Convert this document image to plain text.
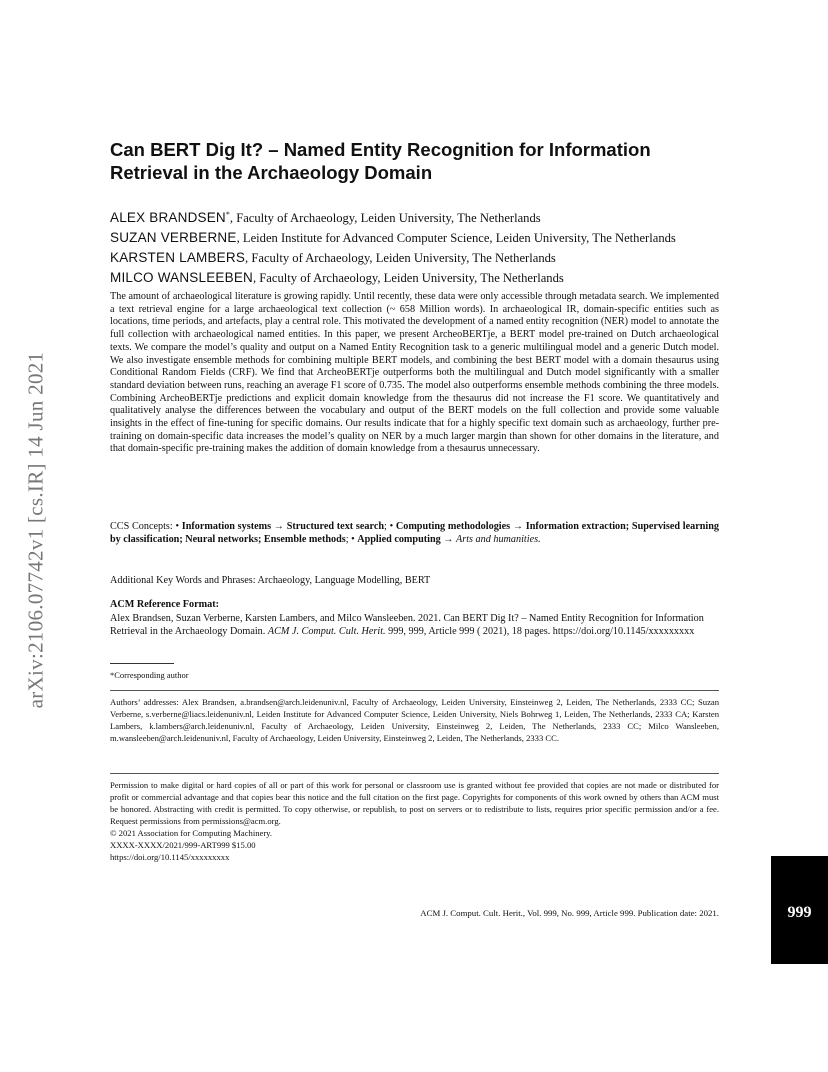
arXiv:2106.07742v1 [cs.IR] 14 Jun 2021
Can BERT Dig It? – Named Entity Recognition for Information Retrieval in the Archaeology Domain
ALEX BRANDSEN*, Faculty of Archaeology, Leiden University, The Netherlands
SUZAN VERBERNE, Leiden Institute for Advanced Computer Science, Leiden University, The Netherlands
KARSTEN LAMBERS, Faculty of Archaeology, Leiden University, The Netherlands
MILCO WANSLEEBEN, Faculty of Archaeology, Leiden University, The Netherlands
The amount of archaeological literature is growing rapidly. Until recently, these data were only accessible through metadata search. We implemented a text retrieval engine for a large archaeological text collection (~ 658 Million words). In archaeological IR, domain-specific entities such as locations, time periods, and artefacts, play a central role. This motivated the development of a named entity recognition (NER) model to annotate the full collection with archaeological named entities. In this paper, we present ArcheoBERTje, a BERT model pre-trained on Dutch archaeological texts. We compare the model’s quality and output on a Named Entity Recognition task to a generic multilingual model and a generic Dutch model. We also investigate ensemble methods for combining multiple BERT models, and combining the best BERT model with a domain thesaurus using Conditional Random Fields (CRF). We find that ArcheoBERTje outperforms both the multilingual and Dutch model significantly with a smaller standard deviation between runs, reaching an average F1 score of 0.735. The model also outperforms ensemble methods combining the three models. Combining ArcheoBERTje predictions and explicit domain knowledge from the thesaurus did not increase the F1 score. We quantitatively and qualitatively analyse the differences between the vocabulary and output of the BERT models on the full collection and provide some valuable insights in the effect of fine-tuning for specific domains. Our results indicate that for a highly specific text domain such as archaeology, further pre-training on domain-specific data increases the model’s quality on NER by a much larger margin than shown for other domains in the literature, and that domain-specific pre-training makes the addition of domain knowledge from a thesaurus unnecessary.
CCS Concepts: • Information systems → Structured text search; • Computing methodologies → Information extraction; Supervised learning by classification; Neural networks; Ensemble methods; • Applied computing → Arts and humanities.
Additional Key Words and Phrases: Archaeology, Language Modelling, BERT
ACM Reference Format:
Alex Brandsen, Suzan Verberne, Karsten Lambers, and Milco Wansleeben. 2021. Can BERT Dig It? – Named Entity Recognition for Information Retrieval in the Archaeology Domain. ACM J. Comput. Cult. Herit. 999, 999, Article 999 ( 2021), 18 pages. https://doi.org/10.1145/xxxxxxxxx
*Corresponding author
Authors’ addresses: Alex Brandsen, a.brandsen@arch.leidenuniv.nl, Faculty of Archaeology, Leiden University, Einsteinweg 2, Leiden, The Netherlands, 2333 CC; Suzan Verberne, s.verberne@liacs.leidenuniv.nl, Leiden Institute for Advanced Computer Science, Leiden University, Niels Bohrweg 1, Leiden, The Netherlands, 2333 CA; Karsten Lambers, k.lambers@arch.leidenuniv.nl, Faculty of Archaeology, Leiden University, Einsteinweg 2, Leiden, The Netherlands, 2333 CC; Milco Wansleeben, m.wansleeben@arch.leidenuniv.nl, Faculty of Archaeology, Leiden University, Einsteinweg 2, Leiden, The Netherlands, 2333 CC.
Permission to make digital or hard copies of all or part of this work for personal or classroom use is granted without fee provided that copies are not made or distributed for profit or commercial advantage and that copies bear this notice and the full citation on the first page. Copyrights for components of this work owned by others than ACM must be honored. Abstracting with credit is permitted. To copy otherwise, or republish, to post on servers or to redistribute to lists, requires prior specific permission and/or a fee. Request permissions from permissions@acm.org.
© 2021 Association for Computing Machinery.
XXXX-XXXX/2021/999-ART999 $15.00
https://doi.org/10.1145/xxxxxxxxx
ACM J. Comput. Cult. Herit., Vol. 999, No. 999, Article 999. Publication date: 2021.	999
